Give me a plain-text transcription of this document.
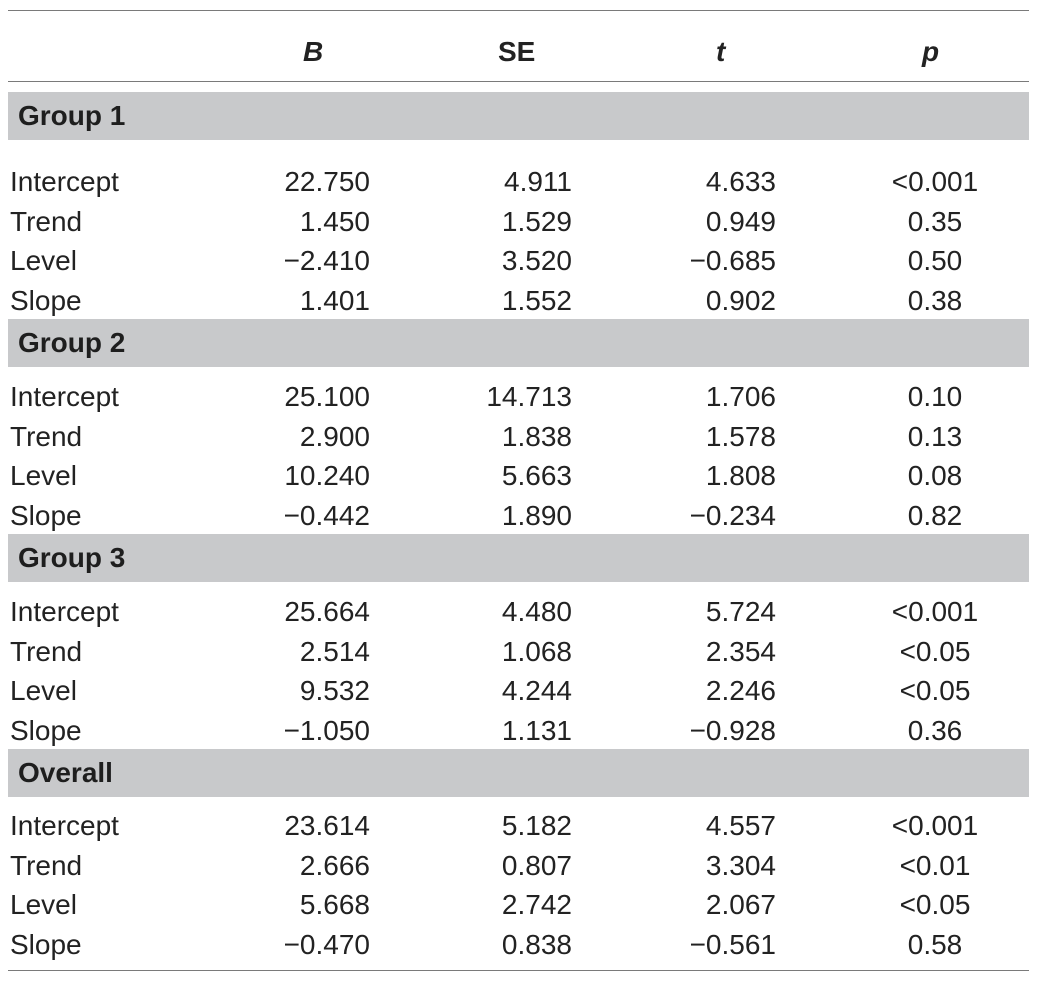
B	SE	t	p
Group 1
Intercept	22.750	4.911	4.633	<0.001
Trend	1.450	1.529	0.949	0.35
Level	−2.410	3.520	−0.685	0.50
Slope	1.401	1.552	0.902	0.38
Group 2
Intercept	25.100	14.713	1.706	0.10
Trend	2.900	1.838	1.578	0.13
Level	10.240	5.663	1.808	0.08
Slope	−0.442	1.890	−0.234	0.82
Group 3
Intercept	25.664	4.480	5.724	<0.001
Trend	2.514	1.068	2.354	<0.05
Level	9.532	4.244	2.246	<0.05
Slope	−1.050	1.131	−0.928	0.36
Overall
Intercept	23.614	5.182	4.557	<0.001
Trend	2.666	0.807	3.304	<0.01
Level	5.668	2.742	2.067	<0.05
Slope	−0.470	0.838	−0.561	0.58
